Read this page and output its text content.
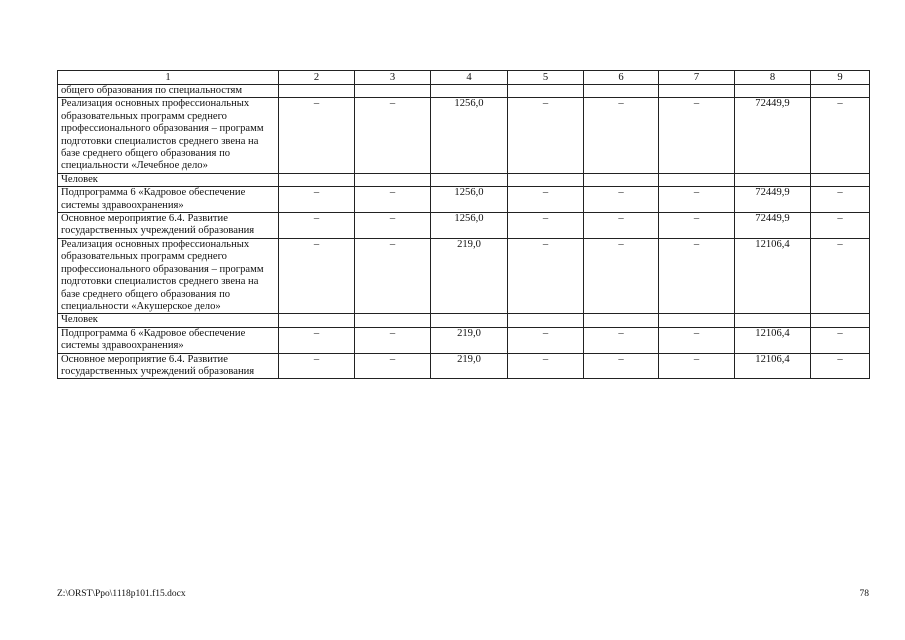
1	2	3	4	5	6	7	8	9
общего образования по специальностям								
Реализация основных профессиональных образовательных программ среднего профессионального образования – программ подготовки специалистов среднего звена на базе среднего общего образования по специальности «Лечебное дело»	–	–	1256,0	–	–	–	72449,9	–
Человек								
Подпрограмма 6 «Кадровое обеспечение системы здравоохранения»	–	–	1256,0	–	–	–	72449,9	–
Основное мероприятие 6.4. Развитие государственных учреждений образования	–	–	1256,0	–	–	–	72449,9	–
Реализация основных профессиональных образовательных программ среднего профессионального образования – программ подготовки специалистов среднего звена на базе среднего общего образования по специальности «Акушерское дело»	–	–	219,0	–	–	–	12106,4	–
Человек								
Подпрограмма 6 «Кадровое обеспечение системы здравоохранения»	–	–	219,0	–	–	–	12106,4	–
Основное мероприятие 6.4. Развитие государственных учреждений образования	–	–	219,0	–	–	–	12106,4	–
Z:\ORST\Ppo\1118p101.f15.docx	78
